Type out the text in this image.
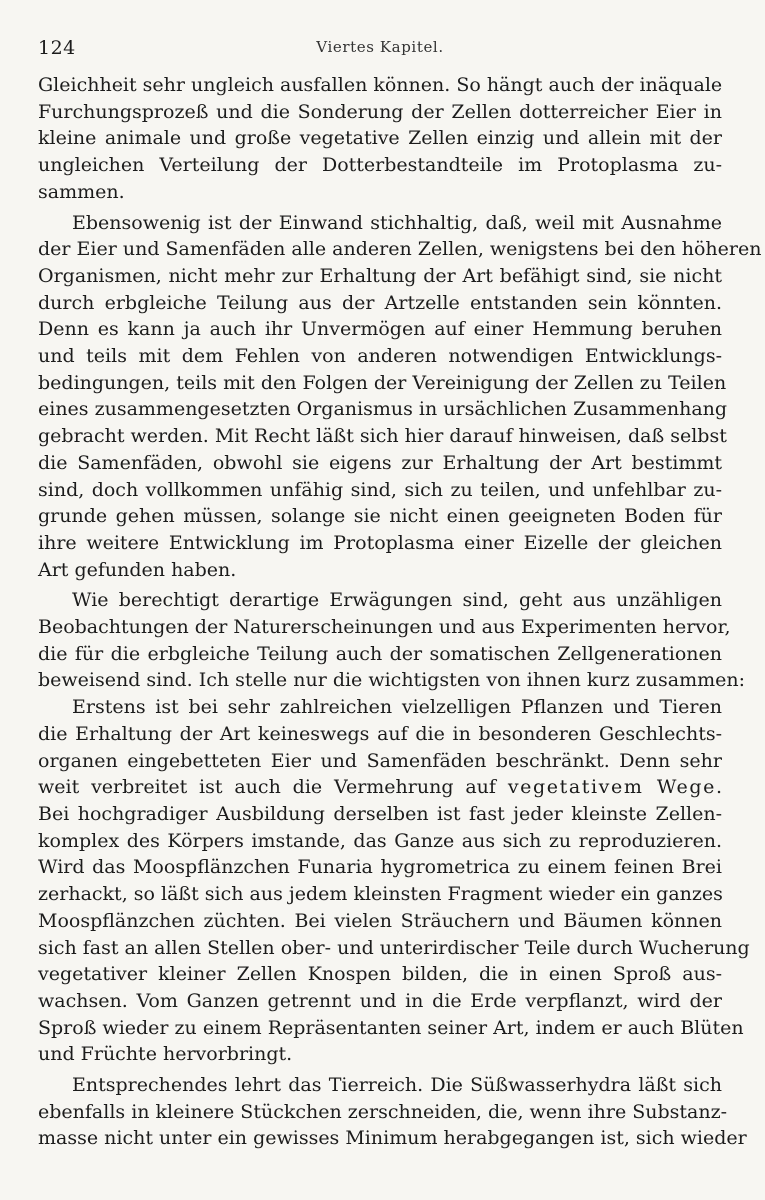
124	Viertes Kapitel.
Gleichheit sehr ungleich ausfallen können. So hängt auch der inäquale
Furchungsprozeß und die Sonderung der Zellen dotterreicher Eier in
kleine animale und große vegetative Zellen einzig und allein mit der
ungleichen Verteilung der Dotterbestandteile im Protoplasma zu-
sammen.
Ebensowenig ist der Einwand stichhaltig, daß, weil mit Ausnahme
der Eier und Samenfäden alle anderen Zellen, wenigstens bei den höheren
Organismen, nicht mehr zur Erhaltung der Art befähigt sind, sie nicht
durch erbgleiche Teilung aus der Artzelle entstanden sein könnten.
Denn es kann ja auch ihr Unvermögen auf einer Hemmung beruhen
und teils mit dem Fehlen von anderen notwendigen Entwicklungs-
bedingungen, teils mit den Folgen der Vereinigung der Zellen zu Teilen
eines zusammengesetzten Organismus in ursächlichen Zusammenhang
gebracht werden. Mit Recht läßt sich hier darauf hinweisen, daß selbst
die Samenfäden, obwohl sie eigens zur Erhaltung der Art bestimmt
sind, doch vollkommen unfähig sind, sich zu teilen, und unfehlbar zu-
grunde gehen müssen, solange sie nicht einen geeigneten Boden für
ihre weitere Entwicklung im Protoplasma einer Eizelle der gleichen
Art gefunden haben.
Wie berechtigt derartige Erwägungen sind, geht aus unzähligen
Beobachtungen der Naturerscheinungen und aus Experimenten hervor,
die für die erbgleiche Teilung auch der somatischen Zellgenerationen
beweisend sind. Ich stelle nur die wichtigsten von ihnen kurz zusammen:
Erstens ist bei sehr zahlreichen vielzelligen Pflanzen und Tieren
die Erhaltung der Art keineswegs auf die in besonderen Geschlechts-
organen eingebetteten Eier und Samenfäden beschränkt. Denn sehr
weit verbreitet ist auch die Vermehrung auf vegetativem Wege.
Bei hochgradiger Ausbildung derselben ist fast jeder kleinste Zellen-
komplex des Körpers imstande, das Ganze aus sich zu reproduzieren.
Wird das Moospflänzchen Funaria hygrometrica zu einem feinen Brei
zerhackt, so läßt sich aus jedem kleinsten Fragment wieder ein ganzes
Moospflänzchen züchten. Bei vielen Sträuchern und Bäumen können
sich fast an allen Stellen ober- und unterirdischer Teile durch Wucherung
vegetativer kleiner Zellen Knospen bilden, die in einen Sproß aus-
wachsen. Vom Ganzen getrennt und in die Erde verpflanzt, wird der
Sproß wieder zu einem Repräsentanten seiner Art, indem er auch Blüten
und Früchte hervorbringt.
Entsprechendes lehrt das Tierreich. Die Süßwasserhydra läßt sich
ebenfalls in kleinere Stückchen zerschneiden, die, wenn ihre Substanz-
masse nicht unter ein gewisses Minimum herabgegangen ist, sich wieder
